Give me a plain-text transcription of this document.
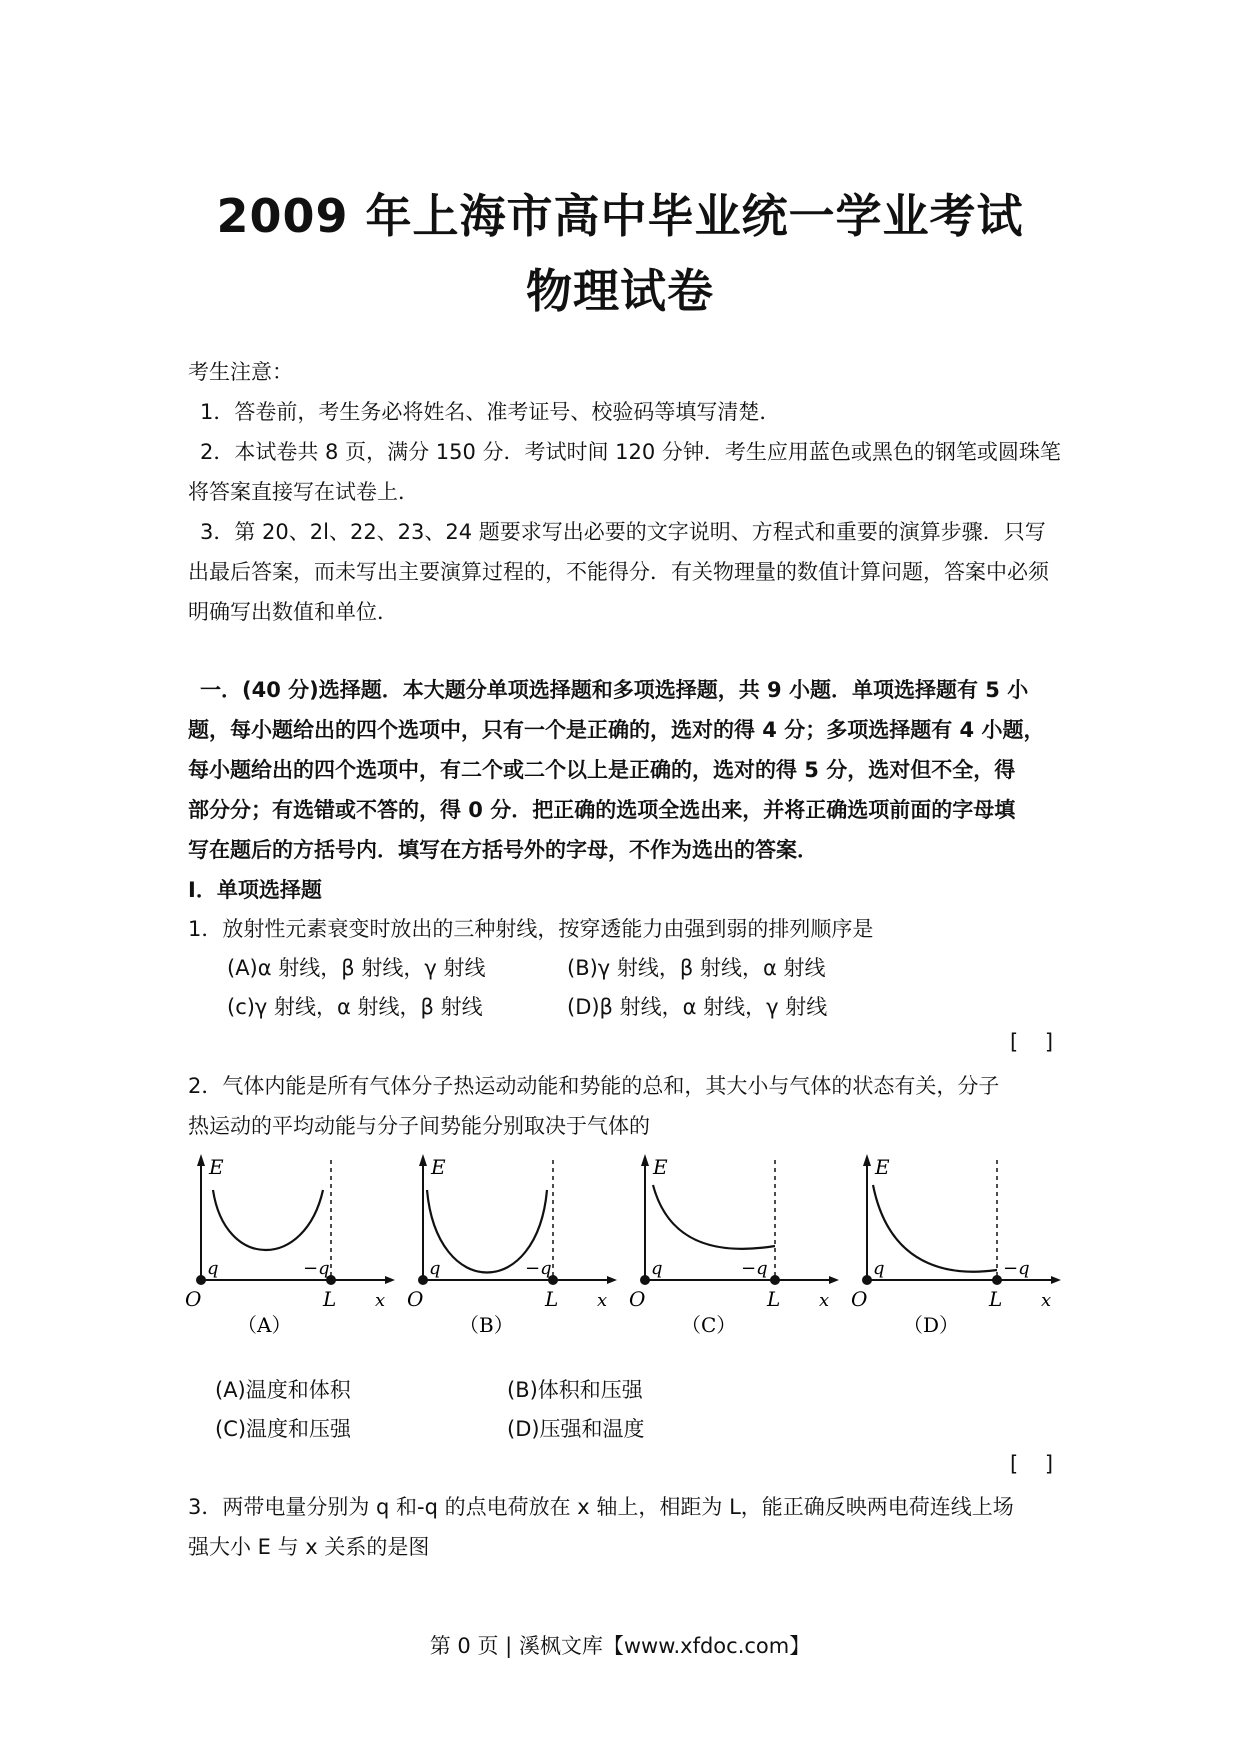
2009 年上海市高中毕业统一学业考试
物理试卷
考生注意：
1．答卷前，考生务必将姓名、准考证号、校验码等填写清楚．
2．本试卷共 8 页，满分 150 分．考试时间 120 分钟．考生应用蓝色或黑色的钢笔或圆珠笔
将答案直接写在试卷上．
3．第 20、2l、22、23、24 题要求写出必要的文字说明、方程式和重要的演算步骤．只写
出最后答案，而未写出主要演算过程的，不能得分．有关物理量的数值计算问题，答案中必须
明确写出数值和单位．
一．(40 分)选择题．本大题分单项选择题和多项选择题，共 9 小题．单项选择题有 5 小
题，每小题给出的四个选项中，只有一个是正确的，选对的得 4 分；多项选择题有 4 小题，
每小题给出的四个选项中，有二个或二个以上是正确的，选对的得 5 分，选对但不全，得
部分分；有选错或不答的，得 0 分．把正确的选项全选出来，并将正确选项前面的字母填
写在题后的方括号内．填写在方括号外的字母，不作为选出的答案．
I．单项选择题
1．放射性元素衰变时放出的三种射线，按穿透能力由强到弱的排列顺序是
(A)α 射线，β 射线，γ 射线	(B)γ 射线，β 射线，α 射线
(c)γ 射线，α 射线，β 射线	(D)β 射线，α 射线，γ 射线
[    ]
2．气体内能是所有气体分子热运动动能和势能的总和，其大小与气体的状态有关，分子
热运动的平均动能与分子间势能分别取决于气体的
E
q	−q
O	L x
（A）
E
q	−q
O	L x
（B）
E
q	−q
O	L x
（C）
E
q	−q
O	L x
（D）
(A)温度和体积	(B)体积和压强
(C)温度和压强	(D)压强和温度
[    ]
3．两带电量分别为 q 和-q 的点电荷放在 x 轴上，相距为 L，能正确反映两电荷连线上场
强大小 E 与 x 关系的是图
第 0 页 | 溪枫文库【www.xfdoc.com】
